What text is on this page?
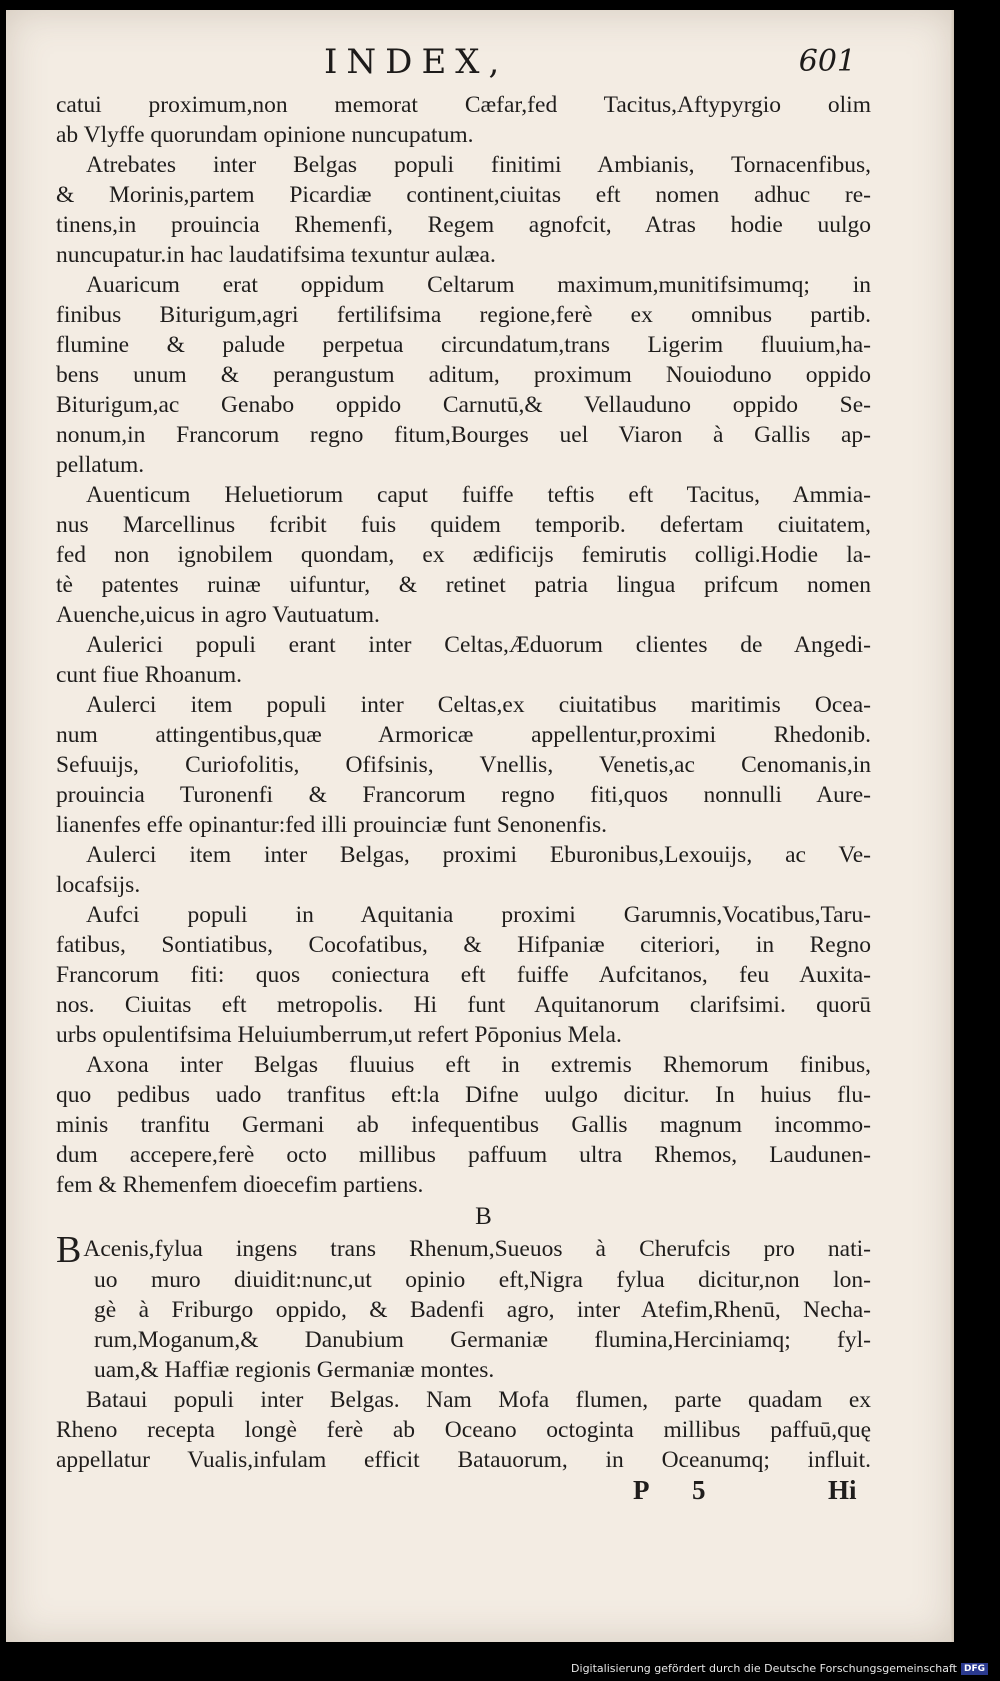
INDEX,	601
catui proximum,non memorat Cæfar,fed Tacitus,Aftypyrgio olim
ab Vlyffe quorundam opinione nuncupatum.
Atrebates inter Belgas populi finitimi Ambianis, Tornacenfibus,
& Morinis,partem Picardiæ continent,ciuitas eft nomen adhuc re-
tinens,in prouincia Rhemenfi, Regem agnofcit, Atras hodie uulgo
nuncupatur.in hac laudatifsima texuntur aulæa.
Auaricum erat oppidum Celtarum maximum,munitifsimumq; in
finibus Biturigum,agri fertilifsima regione,ferè ex omnibus partib.
flumine & palude perpetua circundatum,trans Ligerim fluuium,ha-
bens unum & perangustum aditum, proximum Nouioduno oppido
Biturigum,ac Genabo oppido Carnutū,& Vellauduno oppido Se-
nonum,in Francorum regno fitum,Bourges uel Viaron à Gallis ap-
pellatum.
Auenticum Heluetiorum caput fuiffe teftis eft Tacitus, Ammia-
nus Marcellinus fcribit fuis quidem temporib. defertam ciuitatem,
fed non ignobilem quondam, ex ædificijs femirutis colligi.Hodie la-
tè patentes ruinæ uifuntur, & retinet patria lingua prifcum nomen
Auenche,uicus in agro Vautuatum.
Aulerici populi erant inter Celtas,Æduorum clientes de Angedi-
cunt fiue Rhoanum.
Aulerci item populi inter Celtas,ex ciuitatibus maritimis Ocea-
num attingentibus,quæ Armoricæ appellentur,proximi Rhedonib.
Sefuuijs, Curiofolitis, Ofifsinis, Vnellis, Venetis,ac Cenomanis,in
prouincia Turonenfi & Francorum regno fiti,quos nonnulli Aure-
lianenfes effe opinantur:fed illi prouinciæ funt Senonenfis.
Aulerci item inter Belgas, proximi Eburonibus,Lexouijs, ac Ve-
locafsijs.
Aufci populi in Aquitania proximi Garumnis,Vocatibus,Taru-
fatibus, Sontiatibus, Cocofatibus, & Hifpaniæ citeriori, in Regno
Francorum fiti: quos coniectura eft fuiffe Aufcitanos, feu Auxita-
nos. Ciuitas eft metropolis. Hi funt Aquitanorum clarifsimi. quorū
urbs opulentifsima Heluiumberrum,ut refert Pōponius Mela.
Axona inter Belgas fluuius eft in extremis Rhemorum finibus,
quo pedibus uado tranfitus eft:la Difne uulgo dicitur. In huius flu-
minis tranfitu Germani ab infequentibus Gallis magnum incommo-
dum accepere,ferè octo millibus paffuum ultra Rhemos, Laudunen-
fem & Rhemenfem dioecefim partiens.
B
BAcenis,fylua ingens trans Rhenum,Sueuos à Cherufcis pro nati-
uo muro diuidit:nunc,ut opinio eft,Nigra fylua dicitur,non lon-
gè à Friburgo oppido, & Badenfi agro, inter Atefim,Rhenū, Necha-
rum,Moganum,& Danubium Germaniæ flumina,Herciniamq; fyl-
uam,& Haffiæ regionis Germaniæ montes.
Bataui populi inter Belgas. Nam Mofa flumen, parte quadam ex
Rheno recepta longè ferè ab Oceano octoginta millibus paffuū,quę
appellatur Vualis,infulam efficit Batauorum, in Oceanumq; influit.
P 5	Hi
Digitalisierung gefördert durch die Deutsche Forschungsgemeinschaft DFG
